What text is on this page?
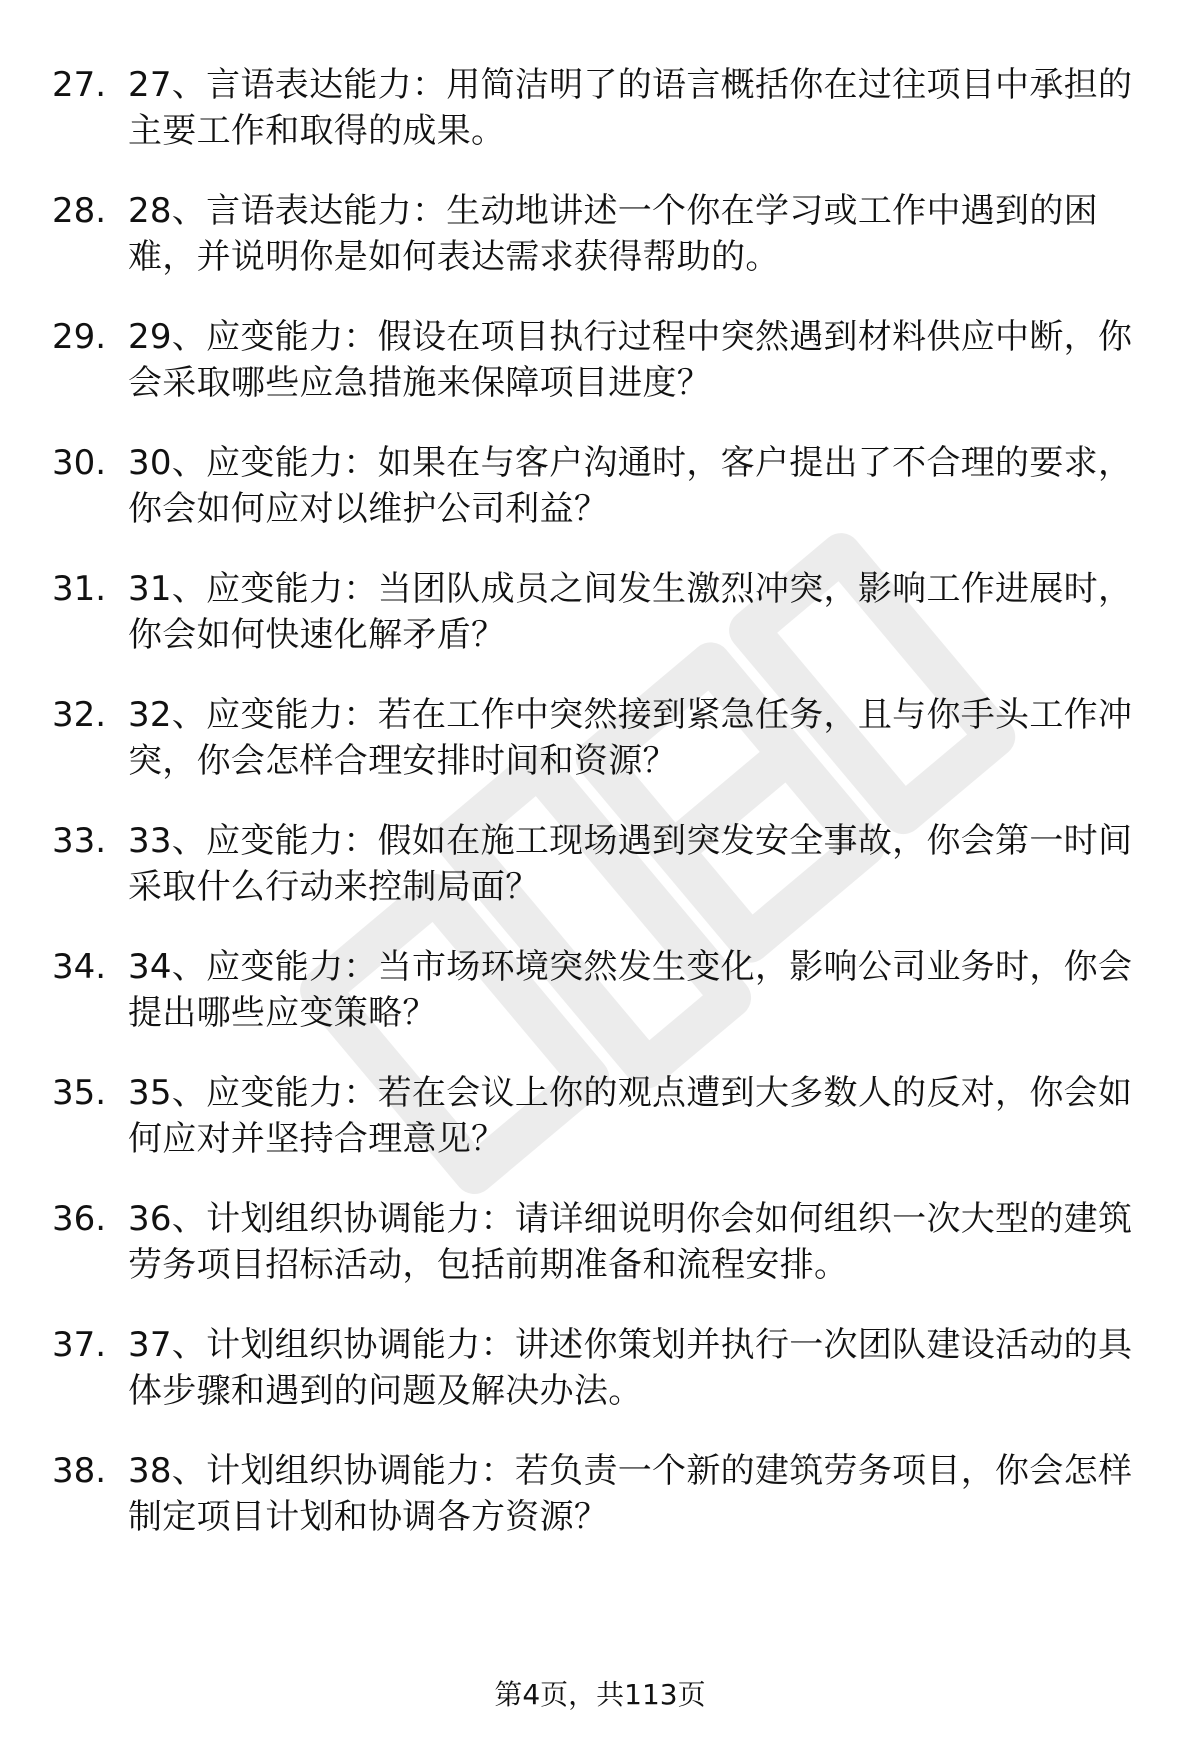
27. 27、言语表达能力：用简洁明了的语言概括你在过往项目中承担的主要工作和取得的成果。
28. 28、言语表达能力：生动地讲述一个你在学习或工作中遇到的困难，并说明你是如何表达需求获得帮助的。
29. 29、应变能力：假设在项目执行过程中突然遇到材料供应中断，你会采取哪些应急措施来保障项目进度？
30. 30、应变能力：如果在与客户沟通时，客户提出了不合理的要求，你会如何应对以维护公司利益？
31. 31、应变能力：当团队成员之间发生激烈冲突，影响工作进展时，你会如何快速化解矛盾？
32. 32、应变能力：若在工作中突然接到紧急任务，且与你手头工作冲突，你会怎样合理安排时间和资源？
33. 33、应变能力：假如在施工现场遇到突发安全事故，你会第一时间采取什么行动来控制局面？
34. 34、应变能力：当市场环境突然发生变化，影响公司业务时，你会提出哪些应变策略？
35. 35、应变能力：若在会议上你的观点遭到大多数人的反对，你会如何应对并坚持合理意见？
36. 36、计划组织协调能力：请详细说明你会如何组织一次大型的建筑劳务项目招标活动，包括前期准备和流程安排。
37. 37、计划组织协调能力：讲述你策划并执行一次团队建设活动的具体步骤和遇到的问题及解决办法。
38. 38、计划组织协调能力：若负责一个新的建筑劳务项目，你会怎样制定项目计划和协调各方资源？
第4页，共113页
